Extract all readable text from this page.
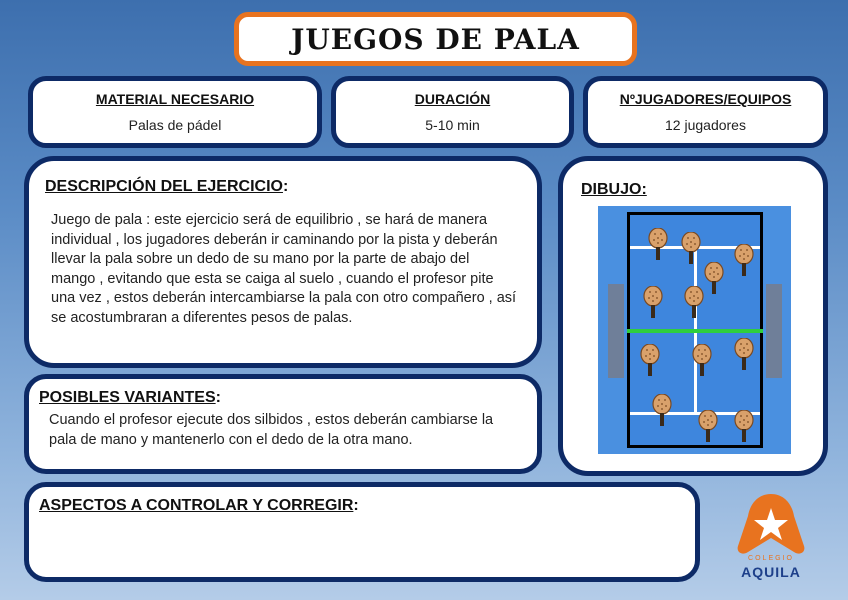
JUEGOS DE PALA
MATERIAL NECESARIO
Palas de pádel
DURACIÓN
5-10 min
NºJUGADORES/EQUIPOS
12 jugadores
DESCRIPCIÓN DEL EJERCICIO:
Juego de pala : este ejercicio será de equilibrio , se hará de manera individual , los jugadores deberán ir caminando por la pista y deberán llevar la pala sobre un dedo de su mano por la parte de abajo del mango , evitando que esta se caiga al suelo , cuando el profesor pite una vez , estos deberán intercambiarse la pala con otro compañero , así se acostumbraran a diferentes pesos de palas.
DIBUJO:
POSIBLES VARIANTES:
Cuando el profesor ejecute dos silbidos , estos deberán cambiarse la pala de mano y mantenerlo con el dedo de la otra mano.
ASPECTOS A CONTROLAR Y CORREGIR:
COLEGIO
AQUILA
